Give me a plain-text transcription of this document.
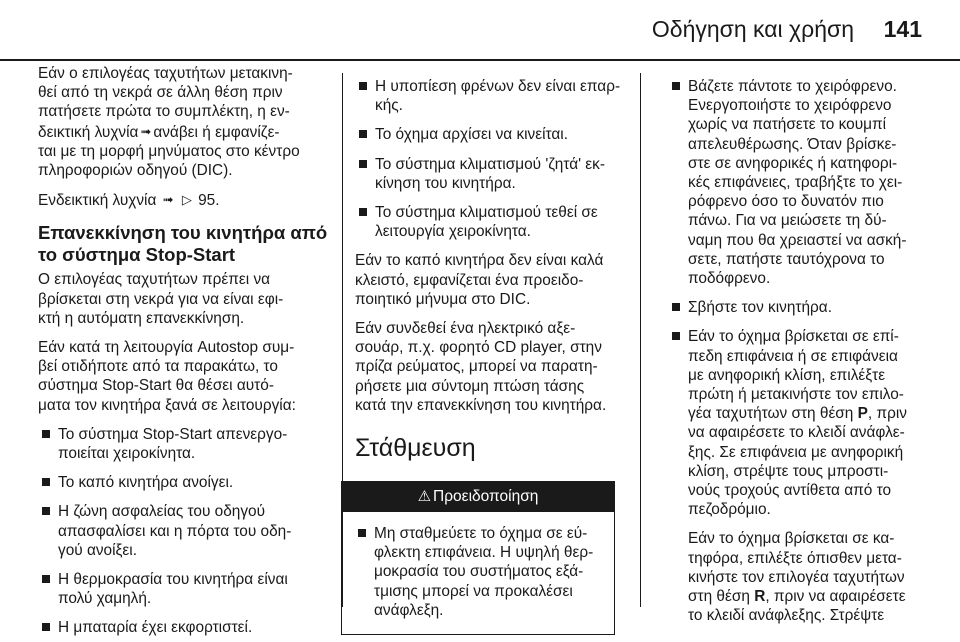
Οδήγηση και χρήση 141

Εάν ο επιλογέας ταχυτήτων μετακινη-
θεί από τη νεκρά σε άλλη θέση πριν
πατήσετε πρώτα το συμπλέκτη, η εν-
δεικτική λυχνία ➟ ανάβει ή εμφανίζε-
ται με τη μορφή μηνύματος στο κέντρο
πληροφοριών οδηγού (DIC).

Ενδεικτική λυχνία ➟ ▷ 95.

Επανεκκίνηση του κινητήρα από
το σύστημα Stop-Start

Ο επιλογέας ταχυτήτων πρέπει να
βρίσκεται στη νεκρά για να είναι εφι-
κτή η αυτόματη επανεκκίνηση.

Εάν κατά τη λειτουργία Autostop συμ-
βεί οτιδήποτε από τα παρακάτω, το
σύστημα Stop-Start θα θέσει αυτό-
ματα τον κινητήρα ξανά σε λειτουργία:

Το σύστημα Stop-Start απενεργο-
ποιείται χειροκίνητα.
Το καπό κινητήρα ανοίγει.
Η ζώνη ασφαλείας του οδηγού
απασφαλίσει και η πόρτα του οδη-
γού ανοίξει.
Η θερμοκρασία του κινητήρα είναι
πολύ χαμηλή.
Η μπαταρία έχει εκφορτιστεί.
Η υποπίεση φρένων δεν είναι επαρ-
κής.
Το όχημα αρχίσει να κινείται.
Το σύστημα κλιματισμού 'ζητά' εκ-
κίνηση του κινητήρα.
Το σύστημα κλιματισμού τεθεί σε
λειτουργία χειροκίνητα.

Εάν το καπό κινητήρα δεν είναι καλά
κλειστό, εμφανίζεται ένα προειδο-
ποιητικό μήνυμα στο DIC.

Εάν συνδεθεί ένα ηλεκτρικό αξε-
σουάρ, π.χ. φορητό CD player, στην
πρίζα ρεύματος, μπορεί να παρατη-
ρήσετε μια σύντομη πτώση τάσης
κατά την επανεκκίνηση του κινητήρα.

Στάθμευση
⚠ Προειδοποίηση
Μη σταθμεύετε το όχημα σε εύ-
φλεκτη επιφάνεια. Η υψηλή θερ-
μοκρασία του συστήματος εξά-
τμισης μπορεί να προκαλέσει
ανάφλεξη.
Βάζετε πάντοτε το χειρόφρενο.
Ενεργοποιήστε το χειρόφρενο
χωρίς να πατήσετε το κουμπί
απελευθέρωσης. Όταν βρίσκε-
στε σε ανηφορικές ή κατηφορι-
κές επιφάνειες, τραβήξτε το χει-
ρόφρενο όσο το δυνατόν πιο
πάνω. Για να μειώσετε τη δύ-
ναμη που θα χρειαστεί να ασκή-
σετε, πατήστε ταυτόχρονα το
ποδόφρενο.
Σβήστε τον κινητήρα.
Εάν το όχημα βρίσκεται σε επί-
πεδη επιφάνεια ή σε επιφάνεια
με ανηφορική κλίση, επιλέξτε
πρώτη ή μετακινήστε τον επιλο-
γέα ταχυτήτων στη θέση P, πριν
να αφαιρέσετε το κλειδί ανάφλε-
ξης. Σε επιφάνεια με ανηφορική
κλίση, στρέψτε τους μπροστι-
νούς τροχούς αντίθετα από το
πεζοδρόμιο.
Εάν το όχημα βρίσκεται σε κα-
τηφόρα, επιλέξτε όπισθεν μετα-
κινήστε τον επιλογέα ταχυτήτων
στη θέση R, πριν να αφαιρέσετε
το κλειδί ανάφλεξης. Στρέψτε
